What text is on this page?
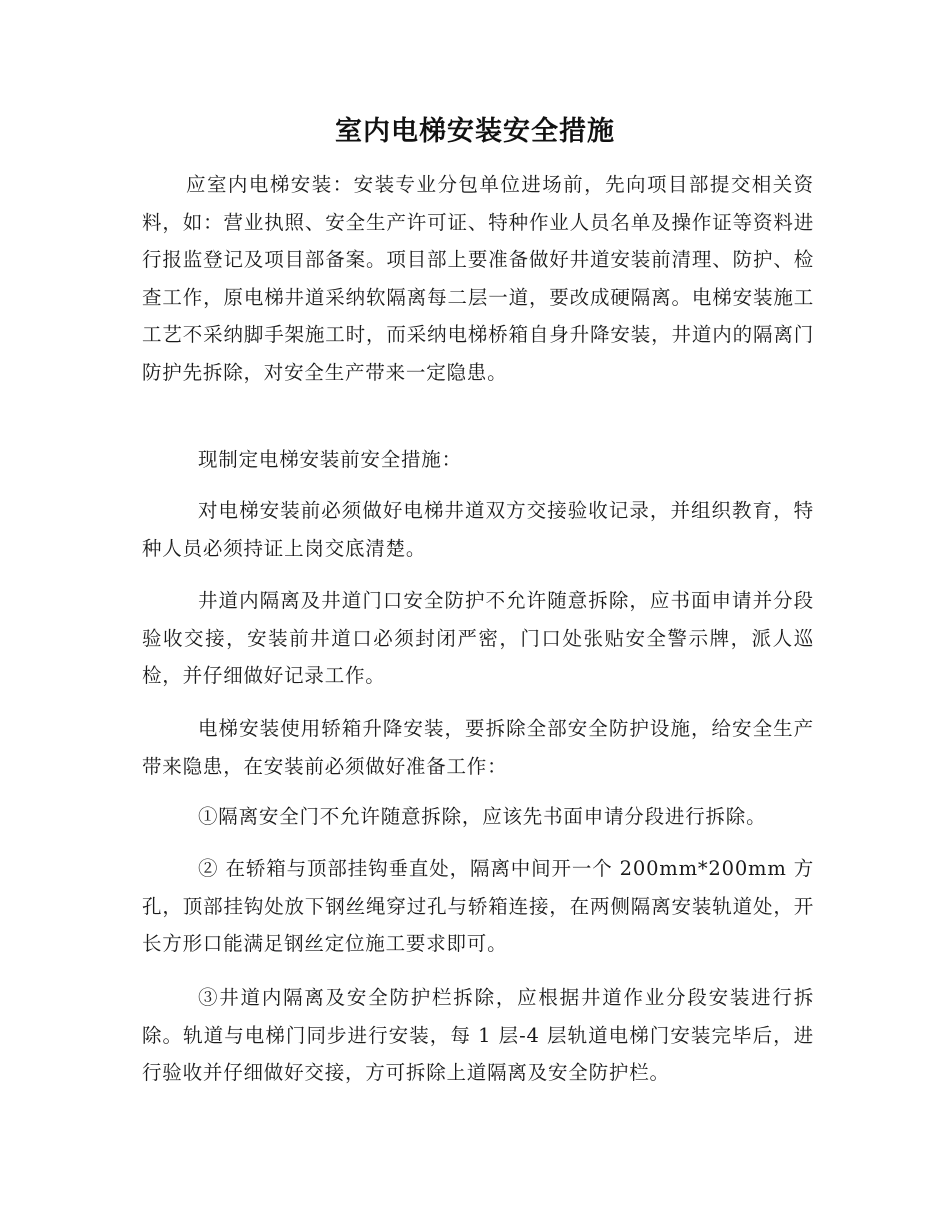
室内电梯安装安全措施

应室内电梯安装：安装专业分包单位进场前，先向项目部提交相关资料，如：营业执照、安全生产许可证、特种作业人员名单及操作证等资料进行报监登记及项目部备案。项目部上要准备做好井道安装前清理、防护、检查工作，原电梯井道采纳软隔离每二层一道，要改成硬隔离。电梯安装施工工艺不采纳脚手架施工时，而采纳电梯桥箱自身升降安装，井道内的隔离门防护先拆除，对安全生产带来一定隐患。

现制定电梯安装前安全措施：

对电梯安装前必须做好电梯井道双方交接验收记录，并组织教育，特种人员必须持证上岗交底清楚。

井道内隔离及井道门口安全防护不允许随意拆除，应书面申请并分段验收交接，安装前井道口必须封闭严密，门口处张贴安全警示牌，派人巡检，并仔细做好记录工作。

电梯安装使用轿箱升降安装，要拆除全部安全防护设施，给安全生产带来隐患，在安装前必须做好准备工作：

①隔离安全门不允许随意拆除，应该先书面申请分段进行拆除。

② 在轿箱与顶部挂钩垂直处，隔离中间开一个 200mm*200mm 方孔，顶部挂钩处放下钢丝绳穿过孔与轿箱连接，在两侧隔离安装轨道处，开长方形口能满足钢丝定位施工要求即可。

③井道内隔离及安全防护栏拆除，应根据井道作业分段安装进行拆除。轨道与电梯门同步进行安装，每 1 层-4 层轨道电梯门安装完毕后，进行验收并仔细做好交接，方可拆除上道隔离及安全防护栏。
